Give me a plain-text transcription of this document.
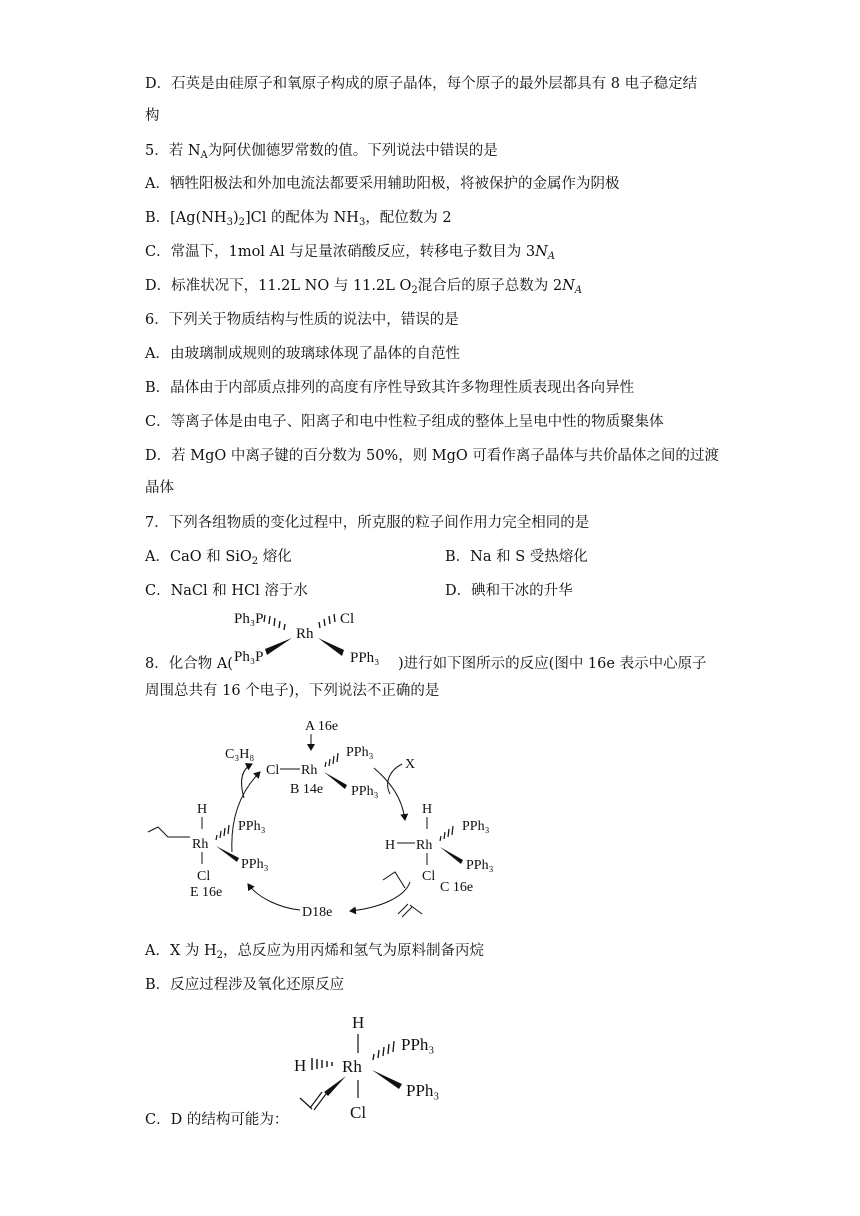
D．石英是由硅原子和氧原子构成的原子晶体，每个原子的最外层都具有 8 电子稳定结
构
5．若 $N_A$为阿伏伽德罗常数的值。下列说法中错误的是
A．牺牲阳极法和外加电流法都要采用辅助阳极，将被保护的金属作为阴极
B．$[Ag(NH_3)_2]Cl$ 的配体为 $NH_3$，配位数为 2
C．常温下，1mol Al 与足量浓硝酸反应，转移电子数目为 $3N_A$
D．标准状况下，11.2L NO 与 11.2L $O_2$混合后的原子总数为 $2N_A$
6．下列关于物质结构与性质的说法中，错误的是
A．由玻璃制成规则的玻璃球体现了晶体的自范性
B．晶体由于内部质点排列的高度有序性导致其许多物理性质表现出各向异性
C．等离子体是由电子、阳离子和电中性粒子组成的整体上呈电中性的物质聚集体
D．若 MgO 中离子键的百分数为 50%，则 MgO 可看作离子晶体与共价晶体之间的过渡
晶体
7．下列各组物质的变化过程中，所克服的粒子间作用力完全相同的是
A．CaO 和 SiO$_2$ 熔化	B．Na 和 S 受热熔化
C．NaCl 和 HCl 溶于水	D．碘和干冰的升华
8．化合物 A(
Ph₃P	Cl
Rh
Ph₃P	PPh₃ )进行如下图所示的反应(图中 16e 表示中心原子
周围总共有 16 个电子)，下列说法不正确的是
A 16e
Cl Rh
PPh₃
PPh₃
B 14e
C₃H₈
X
H
H Rh
PPh₃
PPh₃
Cl
C 16e
D18e
H
Rh
PPh₃
PPh₃
Cl
E 16e
A．X 为 $H_2$，总反应为用丙烯和氢气为原料制备丙烷
B．反应过程涉及氧化还原反应
C．D 的结构可能为：
H
H Rh
PPh₃
PPh₃
Cl
